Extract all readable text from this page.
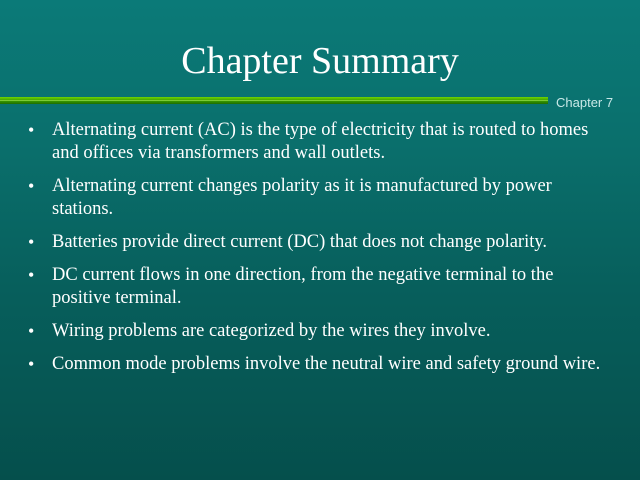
Chapter Summary
Chapter 7
• Alternating current (AC) is the type of electricity that is routed to homes and offices via transformers and wall outlets.
• Alternating current changes polarity as it is manufactured by power stations.
• Batteries provide direct current (DC) that does not change polarity.
• DC current flows in one direction, from the negative terminal to the positive terminal.
• Wiring problems are categorized by the wires they involve.
• Common mode problems involve the neutral wire and safety ground wire.
